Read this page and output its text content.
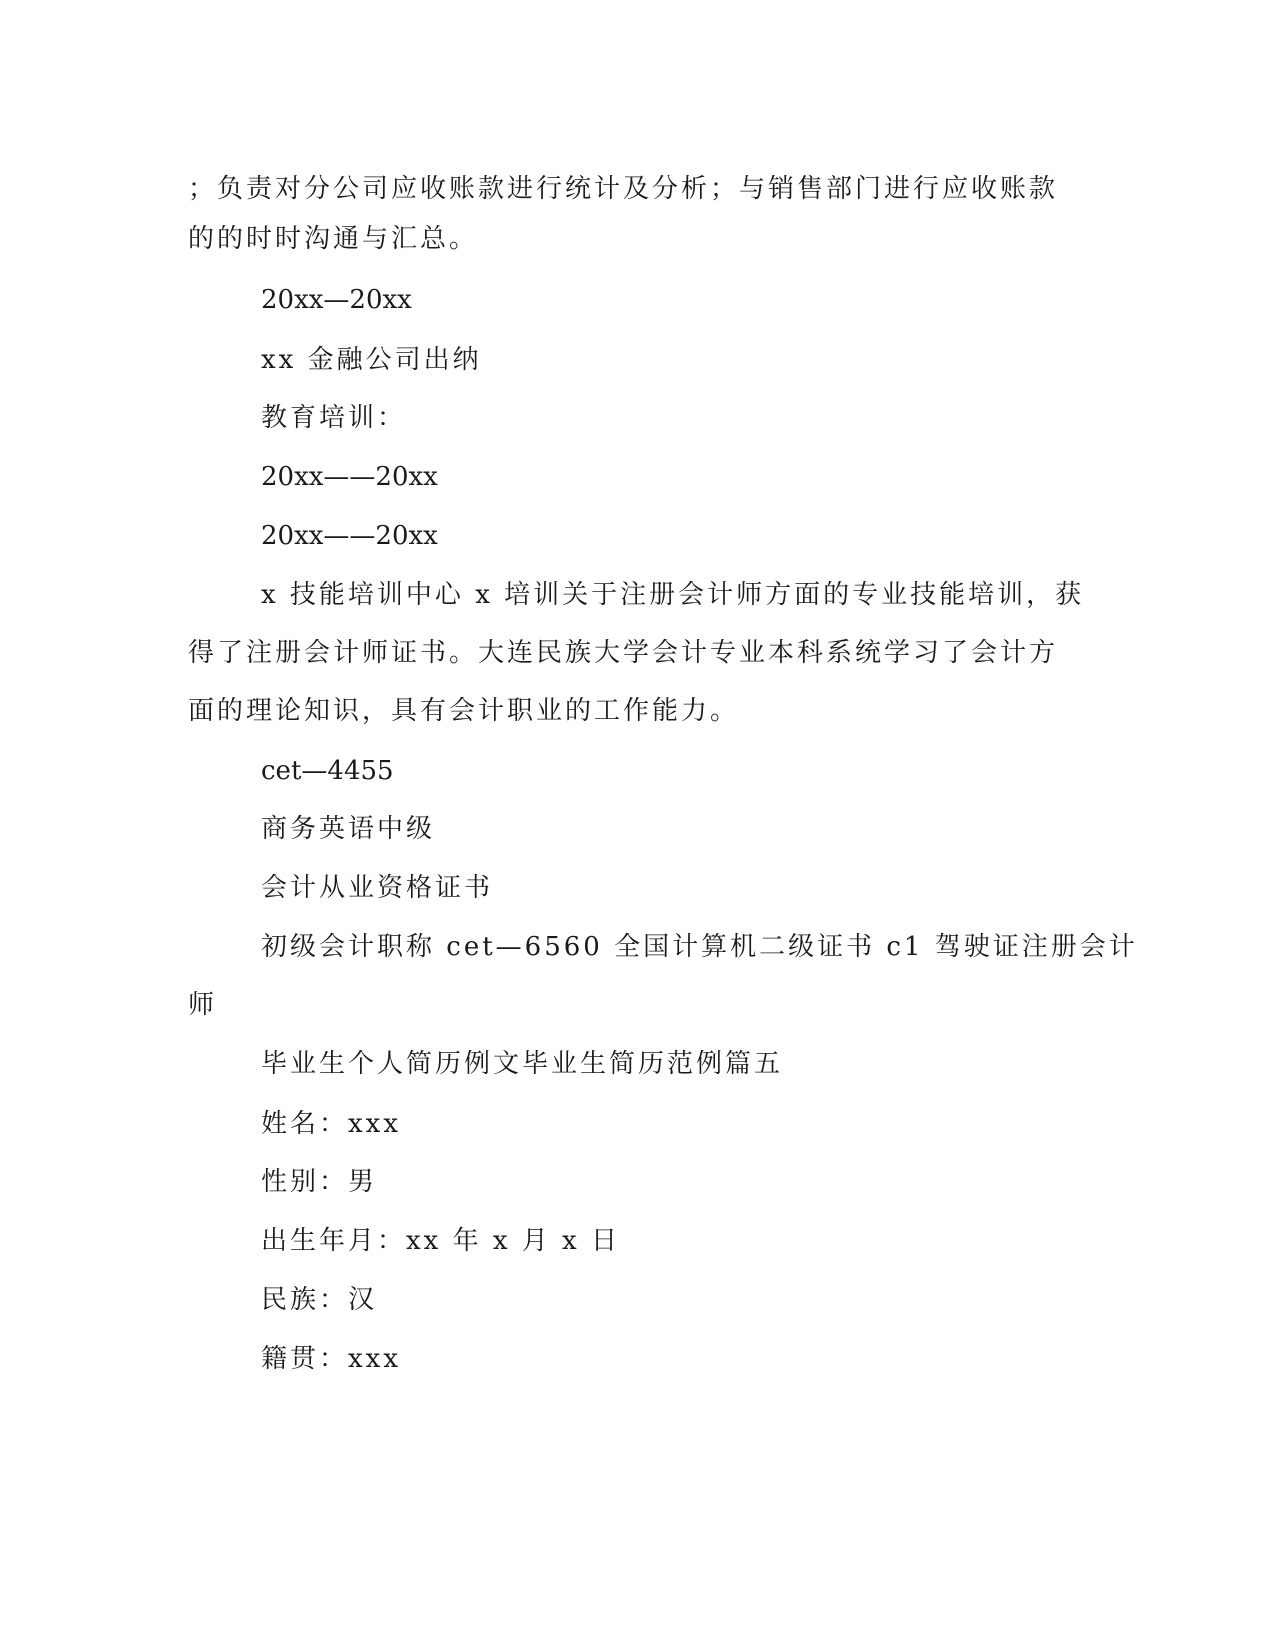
；负责对分公司应收账款进行统计及分析；与销售部门进行应收账款
的的时时沟通与汇总。
20xx—20xx
xx 金融公司出纳
教育培训：
20xx——20xx
20xx——20xx
x 技能培训中心 x 培训关于注册会计师方面的专业技能培训，获
得了注册会计师证书。大连民族大学会计专业本科系统学习了会计方
面的理论知识，具有会计职业的工作能力。
cet—4455
商务英语中级
会计从业资格证书
初级会计职称 cet—6560 全国计算机二级证书 c1 驾驶证注册会计
师
毕业生个人简历例文毕业生简历范例篇五
姓名：xxx
性别：男
出生年月：xx 年 x 月 x 日
民族：汉
籍贯：xxx
